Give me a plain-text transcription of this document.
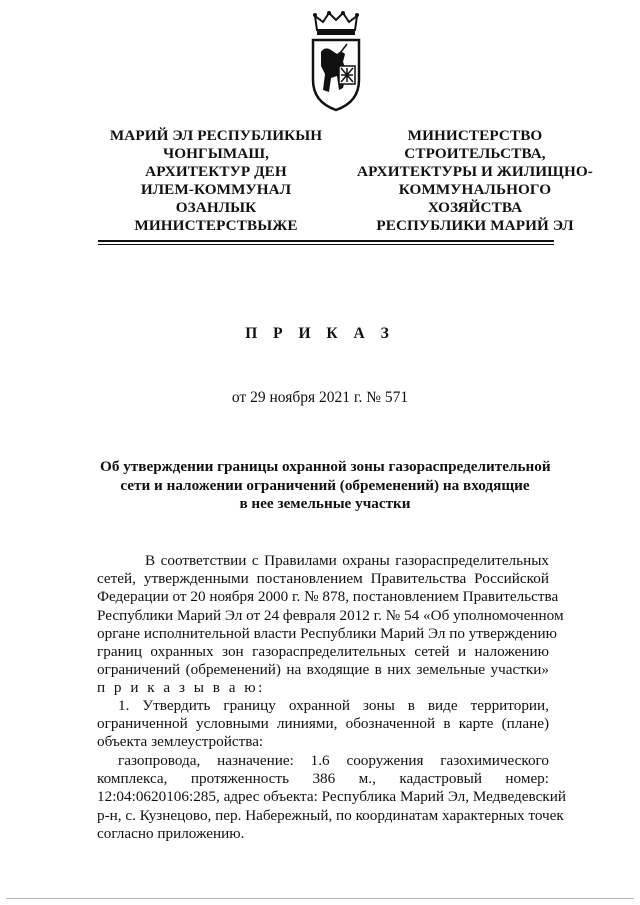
МАРИЙ ЭЛ РЕСПУБЛИКЫН
ЧОНГЫМАШ,
АРХИТЕКТУР ДЕН
ИЛЕМ-КОММУНАЛ
ОЗАНЛЫК
МИНИСТЕРСТВЫЖЕ
МИНИСТЕРСТВО
СТРОИТЕЛЬСТВА,
АРХИТЕКТУРЫ И ЖИЛИЩНО-
КОММУНАЛЬНОГО
ХОЗЯЙСТВА
РЕСПУБЛИКИ МАРИЙ ЭЛ
П Р И К А З
от 29 ноября 2021 г. № 571
Об утверждении границы охранной зоны газораспределительной
сети и наложении ограничений (обременений) на входящие
в нее земельные участки
В соответствии с Правилами охраны газораспределительных
сетей, утвержденными постановлением Правительства Российской
Федерации от 20 ноября 2000 г. № 878, постановлением Правительства
Республики Марий Эл от 24 февраля 2012 г. № 54 «Об уполномоченном
органе исполнительной власти Республики Марий Эл по утверждению
границ охранных зон газораспределительных сетей и наложению
ограничений (обременений) на входящие в них земельные участки»
п р и к а з ы в а ю:
1. Утвердить границу охранной зоны в виде территории,
ограниченной условными линиями, обозначенной в карте (плане)
объекта землеустройства:
газопровода, назначение: 1.6 сооружения газохимического
комплекса, протяженность 386 м., кадастровый номер:
12:04:0620106:285, адрес объекта: Республика Марий Эл, Медведевский
р-н, с. Кузнецово, пер. Набережный, по координатам характерных точек
согласно приложению.
